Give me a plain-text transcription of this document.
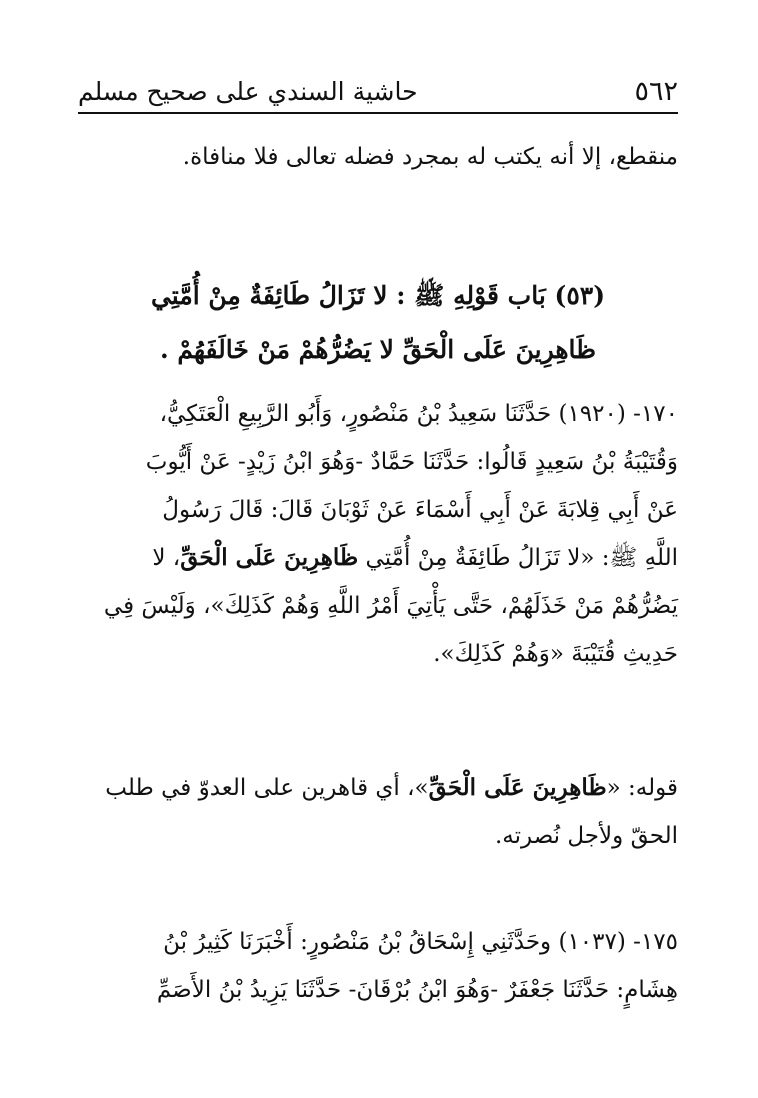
٥٦٢
حاشية السندي على صحيح مسلم

منقطع، إلا أنه يكتب له بمجرد فضله تعالى فلا منافاة.

(٥٣) بَاب قَوْلِهِ ﷺ : لا تَزَالُ طَائِفَةٌ مِنْ أُمَّتِي

ظَاهِرِينَ عَلَى الْحَقِّ لا يَضُرُّهُمْ مَنْ خَالَفَهُمْ .

١٧٠- (١٩٢٠) حَدَّثَنَا سَعِيدُ بْنُ مَنْصُورٍ، وَأَبُو الرَّبِيعِ الْعَتَكِيُّ،
وَقُتَيْبَةُ بْنُ سَعِيدٍ قَالُوا: حَدَّثَنَا حَمَّادٌ -وَهُوَ ابْنُ زَيْدٍ- عَنْ أَيُّوبَ
عَنْ أَبِي قِلابَةَ عَنْ أَبِي أَسْمَاءَ عَنْ ثَوْبَانَ قَالَ: قَالَ رَسُولُ
اللَّهِ ﷺ: «لا تَزَالُ طَائِفَةٌ مِنْ أُمَّتِي ظَاهِرِينَ عَلَى الْحَقِّ، لا
يَضُرُّهُمْ مَنْ خَذَلَهُمْ، حَتَّى يَأْتِيَ أَمْرُ اللَّهِ وَهُمْ كَذَلِكَ»، وَلَيْسَ فِي
حَدِيثِ قُتَيْبَةَ «وَهُمْ كَذَلِكَ».

قوله: «ظَاهِرِينَ عَلَى الْحَقِّ»، أي قاهرين على العدوّ في طلب
الحقّ ولأجل نُصرته.

١٧٥- (١٠٣٧) وحَدَّثَنِي إِسْحَاقُ بْنُ مَنْصُورٍ: أَخْبَرَنَا كَثِيرُ بْنُ
هِشَامٍ: حَدَّثَنَا جَعْفَرٌ -وَهُوَ ابْنُ بُرْقَانَ- حَدَّثَنَا يَزِيدُ بْنُ الأَصَمِّ
